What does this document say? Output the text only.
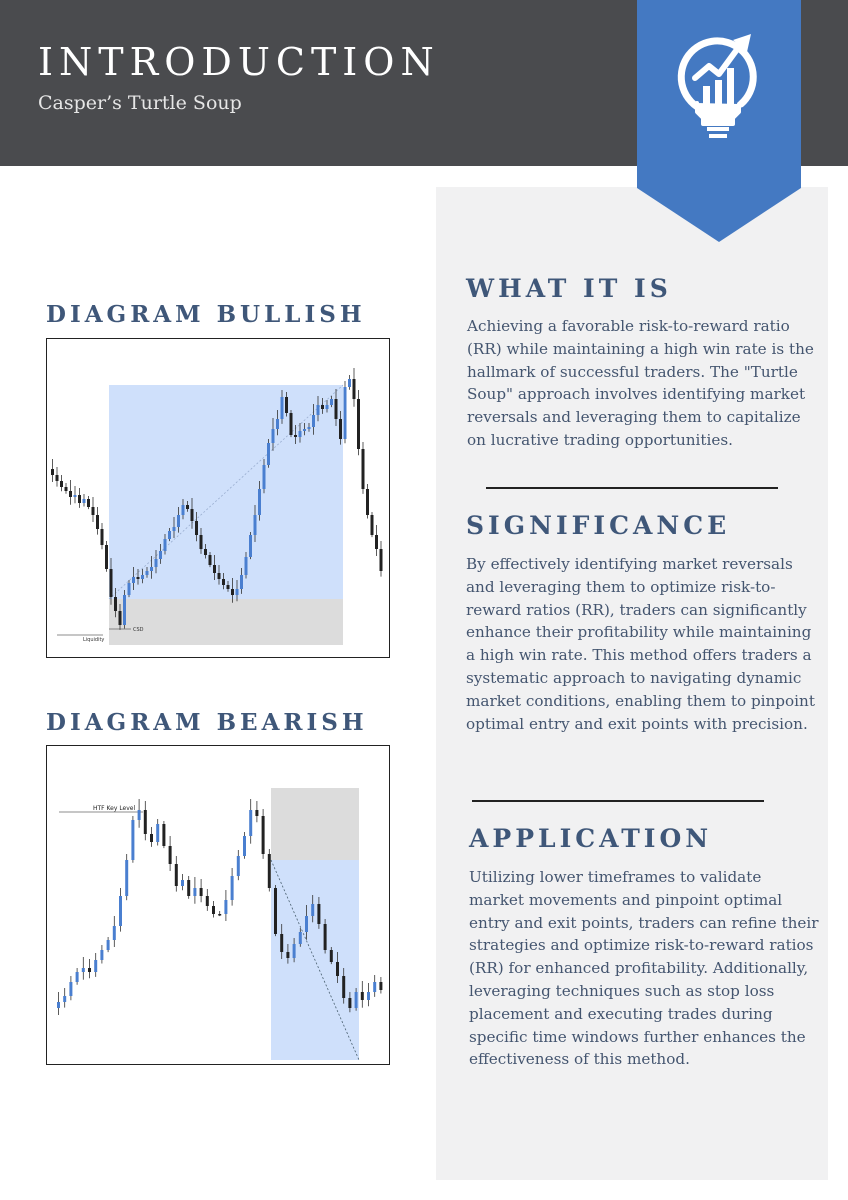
INTRODUCTION
Casper’s Turtle Soup
DIAGRAM BULLISH
Liquidity
CSD
DIAGRAM BEARISH
HTF Key Level
WHAT IT IS

Achieving a favorable risk-to-reward ratio (RR) while maintaining a high win rate is the hallmark of successful traders. The "Turtle Soup" approach involves identifying market reversals and leveraging them to capitalize on lucrative trading opportunities.

SIGNIFICANCE

By effectively identifying market reversals and leveraging them to optimize risk-to-reward ratios (RR), traders can significantly enhance their profitability while maintaining a high win rate. This method offers traders a systematic approach to navigating dynamic market conditions, enabling them to pinpoint optimal entry and exit points with precision.

APPLICATION

Utilizing lower timeframes to validate market movements and pinpoint optimal entry and exit points, traders can refine their strategies and optimize risk-to-reward ratios (RR) for enhanced profitability. Additionally, leveraging techniques such as stop loss placement and executing trades during specific time windows further enhances the effectiveness of this method.
